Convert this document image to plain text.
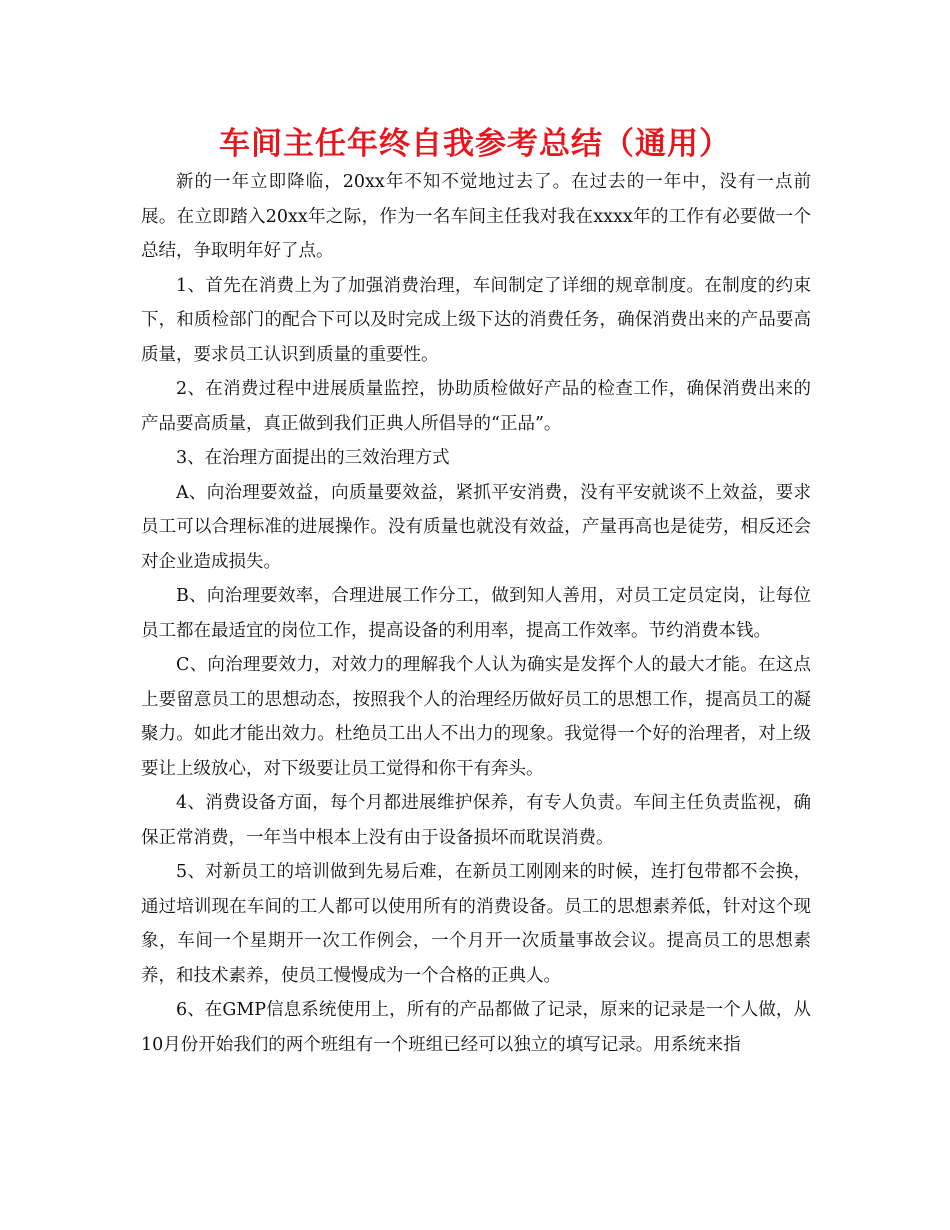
车间主任年终自我参考总结（通用）

新的一年立即降临，20xx年不知不觉地过去了。在过去的一年中，没有一点前展。在立即踏入20xx年之际，作为一名车间主任我对我在xxxx年的工作有必要做一个总结，争取明年好了点。

1、首先在消费上为了加强消费治理，车间制定了详细的规章制度。在制度的约束下，和质检部门的配合下可以及时完成上级下达的消费任务，确保消费出来的产品要高质量，要求员工认识到质量的重要性。

2、在消费过程中进展质量监控，协助质检做好产品的检查工作，确保消费出来的产品要高质量，真正做到我们正典人所倡导的“正品”。

3、在治理方面提出的三效治理方式

A、向治理要效益，向质量要效益，紧抓平安消费，没有平安就谈不上效益，要求员工可以合理标准的进展操作。没有质量也就没有效益，产量再高也是徒劳，相反还会对企业造成损失。

B、向治理要效率，合理进展工作分工，做到知人善用，对员工定员定岗，让每位员工都在最适宜的岗位工作，提高设备的利用率，提高工作效率。节约消费本钱。

C、向治理要效力，对效力的理解我个人认为确实是发挥个人的最大才能。在这点上要留意员工的思想动态，按照我个人的治理经历做好员工的思想工作，提高员工的凝聚力。如此才能出效力。杜绝员工出人不出力的现象。我觉得一个好的治理者，对上级要让上级放心，对下级要让员工觉得和你干有奔头。

4、消费设备方面，每个月都进展维护保养，有专人负责。车间主任负责监视，确保正常消费，一年当中根本上没有由于设备损坏而耽误消费。

5、对新员工的培训做到先易后难，在新员工刚刚来的时候，连打包带都不会换，通过培训现在车间的工人都可以使用所有的消费设备。员工的思想素养低，针对这个现象，车间一个星期开一次工作例会，一个月开一次质量事故会议。提高员工的思想素养，和技术素养，使员工慢慢成为一个合格的正典人。

6、在GMP信息系统使用上，所有的产品都做了记录，原来的记录是一个人做，从10月份开始我们的两个班组有一个班组已经可以独立的填写记录。用系统来指
